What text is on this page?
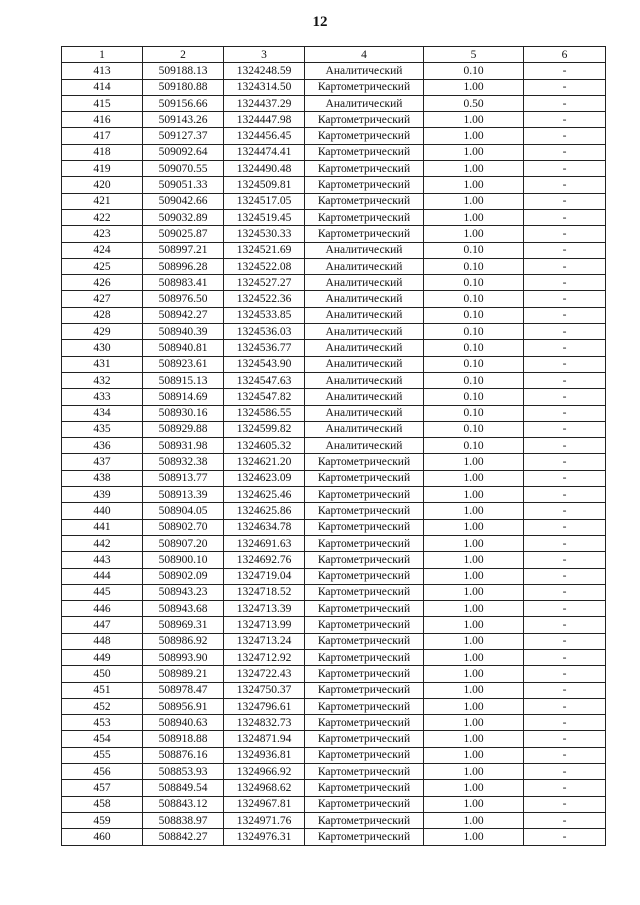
12
1	2	3	4	5	6
413	509188.13	1324248.59	Аналитический	0.10	-
414	509180.88	1324314.50	Картометрический	1.00	-
415	509156.66	1324437.29	Аналитический	0.50	-
416	509143.26	1324447.98	Картометрический	1.00	-
417	509127.37	1324456.45	Картометрический	1.00	-
418	509092.64	1324474.41	Картометрический	1.00	-
419	509070.55	1324490.48	Картометрический	1.00	-
420	509051.33	1324509.81	Картометрический	1.00	-
421	509042.66	1324517.05	Картометрический	1.00	-
422	509032.89	1324519.45	Картометрический	1.00	-
423	509025.87	1324530.33	Картометрический	1.00	-
424	508997.21	1324521.69	Аналитический	0.10	-
425	508996.28	1324522.08	Аналитический	0.10	-
426	508983.41	1324527.27	Аналитический	0.10	-
427	508976.50	1324522.36	Аналитический	0.10	-
428	508942.27	1324533.85	Аналитический	0.10	-
429	508940.39	1324536.03	Аналитический	0.10	-
430	508940.81	1324536.77	Аналитический	0.10	-
431	508923.61	1324543.90	Аналитический	0.10	-
432	508915.13	1324547.63	Аналитический	0.10	-
433	508914.69	1324547.82	Аналитический	0.10	-
434	508930.16	1324586.55	Аналитический	0.10	-
435	508929.88	1324599.82	Аналитический	0.10	-
436	508931.98	1324605.32	Аналитический	0.10	-
437	508932.38	1324621.20	Картометрический	1.00	-
438	508913.77	1324623.09	Картометрический	1.00	-
439	508913.39	1324625.46	Картометрический	1.00	-
440	508904.05	1324625.86	Картометрический	1.00	-
441	508902.70	1324634.78	Картометрический	1.00	-
442	508907.20	1324691.63	Картометрический	1.00	-
443	508900.10	1324692.76	Картометрический	1.00	-
444	508902.09	1324719.04	Картометрический	1.00	-
445	508943.23	1324718.52	Картометрический	1.00	-
446	508943.68	1324713.39	Картометрический	1.00	-
447	508969.31	1324713.99	Картометрический	1.00	-
448	508986.92	1324713.24	Картометрический	1.00	-
449	508993.90	1324712.92	Картометрический	1.00	-
450	508989.21	1324722.43	Картометрический	1.00	-
451	508978.47	1324750.37	Картометрический	1.00	-
452	508956.91	1324796.61	Картометрический	1.00	-
453	508940.63	1324832.73	Картометрический	1.00	-
454	508918.88	1324871.94	Картометрический	1.00	-
455	508876.16	1324936.81	Картометрический	1.00	-
456	508853.93	1324966.92	Картометрический	1.00	-
457	508849.54	1324968.62	Картометрический	1.00	-
458	508843.12	1324967.81	Картометрический	1.00	-
459	508838.97	1324971.76	Картометрический	1.00	-
460	508842.27	1324976.31	Картометрический	1.00	-
